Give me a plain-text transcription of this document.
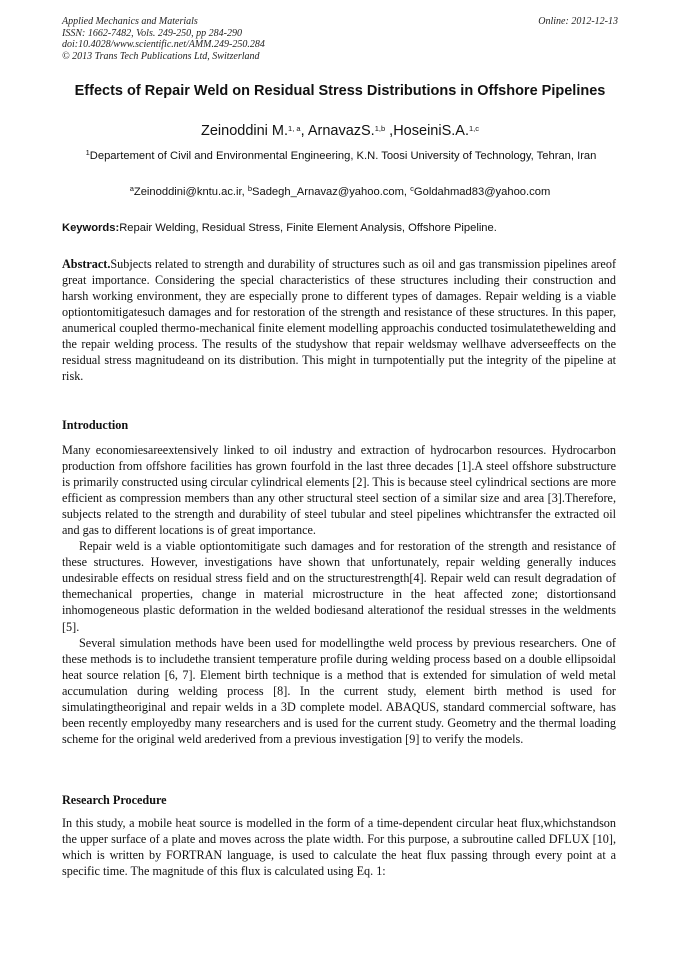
Applied Mechanics and Materials
ISSN: 1662-7482, Vols. 249-250, pp 284-290
doi:10.4028/www.scientific.net/AMM.249-250.284
© 2013 Trans Tech Publications Ltd, Switzerland
Online: 2012-12-13
Effects of Repair Weld on Residual Stress Distributions in Offshore Pipelines
Zeinoddini M.$^{1, a}$, ArnavazS.$^{1,b}$ ,HoseiniS.A.$^{1,c}$
$^1$Departement of Civil and Environmental Engineering, K.N. Toosi University of Technology, Tehran, Iran
$^a$Zeinoddini@kntu.ac.ir, $^b$Sadegh_Arnavaz@yahoo.com, $^c$Goldahmad83@yahoo.com
Keywords:Repair Welding, Residual Stress, Finite Element Analysis, Offshore Pipeline.
Abstract.Subjects related to strength and durability of structures such as oil and gas transmission pipelines areof great importance. Considering the special characteristics of these structures including their construction and harsh working environment, they are especially prone to different types of damages. Repair welding is a viable optiontomitigatesuch damages and for restoration of the strength and resistance of these structures. In this paper, anumerical coupled thermo-mechanical finite element modelling approachis conducted tosimulatethewelding and the repair welding process. The results of the studyshow that repair weldsmay wellhave adverseeffects on the residual stress magnitudeand on its distribution. This might in turnpotentially put the integrity of the pipeline at risk.
Introduction

Many economiesareextensively linked to oil industry and extraction of hydrocarbon resources. Hydrocarbon production from offshore facilities has grown fourfold in the last three decades [1].A steel offshore substructure is primarily constructed using circular cylindrical elements [2]. This is because steel cylindrical sections are more efficient as compression members than any other structural steel section of a similar size and area [3].Therefore, subjects related to the strength and durability of steel tubular and steel pipelines whichtransfer the extracted oil and gas to different locations is of great importance.

Repair weld is a viable optiontomitigate such damages and for restoration of the strength and resistance of these structures. However, investigations have shown that unfortunately, repair welding generally induces undesirable effects on residual stress field and on the structurestrength[4]. Repair weld can result degradation of themechanical properties, change in material microstructure in the heat affected zone; distortionsand inhomogeneous plastic deformation in the welded bodiesand alterationof the residual stresses in the weldments [5].

Several simulation methods have been used for modellingthe weld process by previous researchers. One of these methods is to includethe transient temperature profile during welding process based on a double ellipsoidal heat source relation [6, 7]. Element birth technique is a method that is extended for simulation of weld metal accumulation during welding process [8]. In the current study, element birth method is used for simulatingtheoriginal and repair welds in a 3D complete model. ABAQUS, standard commercial software, has been recently employedby many researchers and is used for the current study. Geometry and the thermal loading scheme for the original weld arederived from a previous investigation [9] to verify the models.

Research Procedure

In this study, a mobile heat source is modelled in the form of a time-dependent circular heat flux,whichstandson the upper surface of a plate and moves across the plate width. For this purpose, a subroutine called DFLUX [10], which is written by FORTRAN language, is used to calculate the heat flux passing through every point at a specific time. The magnitude of this flux is calculated using Eq. 1:
